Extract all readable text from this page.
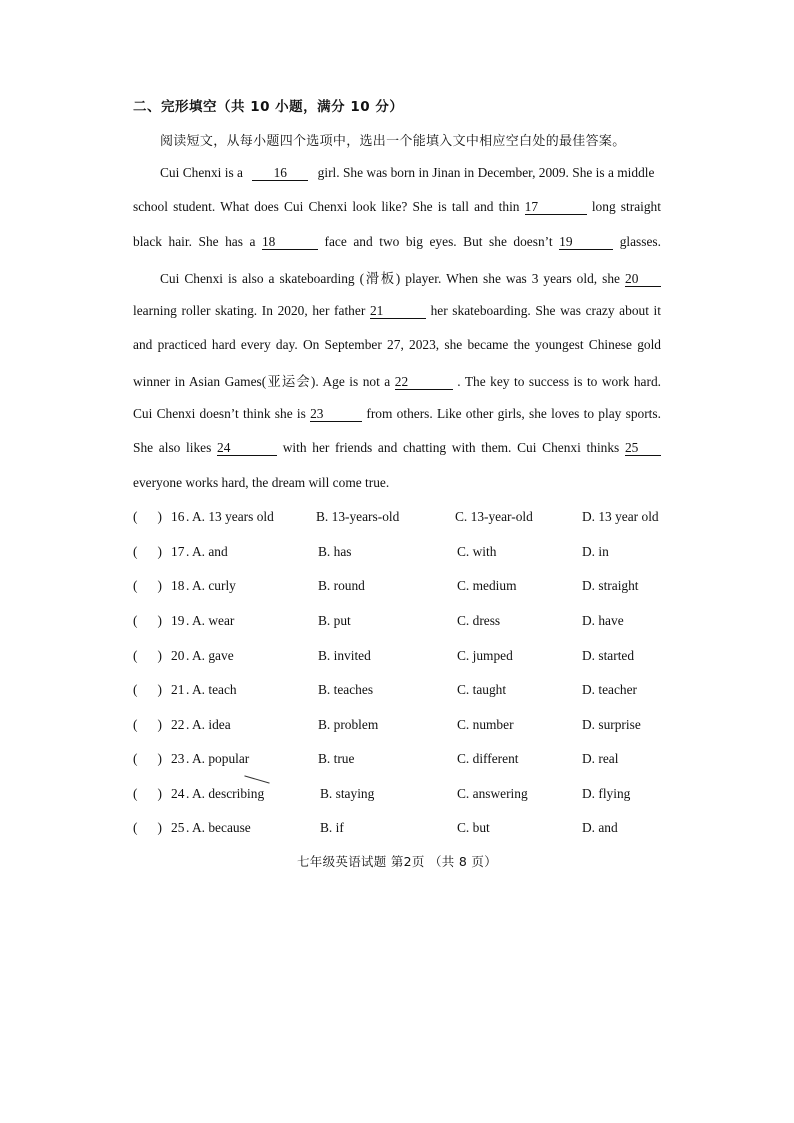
二、完形填空（共 10 小题，满分 10 分）
阅读短文，从每小题四个选项中，选出一个能填入文中相应空白处的最佳答案。
Cui Chenxi is a 16 girl. She was born in Jinan in December, 2009. She is a middle
school student. What does Cui Chenxi look like? She is tall and thin 17	long straight
black hair. She has a 18	face and two big eyes. But she doesn’t 19	glasses.
Cui Chenxi is also a skateboarding (滑板) player. When she was 3 years old, she 20
learning roller skating. In 2020, her father 21	her skateboarding. She was crazy about it
and practiced hard every day. On September 27, 2023, she became the youngest Chinese gold
winner in Asian Games(亚运会). Age is not a 22	. The key to success is to work hard.
Cui Chenxi doesn’t think she is 23	from others. Like other girls, she loves to play sports.
She also likes 24	with her friends and chatting with them. Cui Chenxi thinks 25
everyone works hard, the dream will come true.
(      ) 16 . A. 13 years old	B. 13-years-old	C. 13-year-old	D. 13 year old
(      ) 17 . A. and	B. has	C. with	D. in
(      ) 18 . A. curly	B. round	C. medium	D. straight
(      ) 19 . A. wear	B. put	C. dress	D. have
(      ) 20 . A. gave	B. invited	C. jumped	D. started
(      ) 21 . A. teach	B. teaches	C. taught	D. teacher
(      ) 22 . A. idea	B. problem	C. number	D. surprise
(      ) 23 . A. popular	B. true	C. different	D. real
(      ) 24 . A. describing	B. staying	C. answering	D. flying
(      ) 25 . A. because	B. if	C. but	D. and
七年级英语试题 第2页 （共 8 页）
